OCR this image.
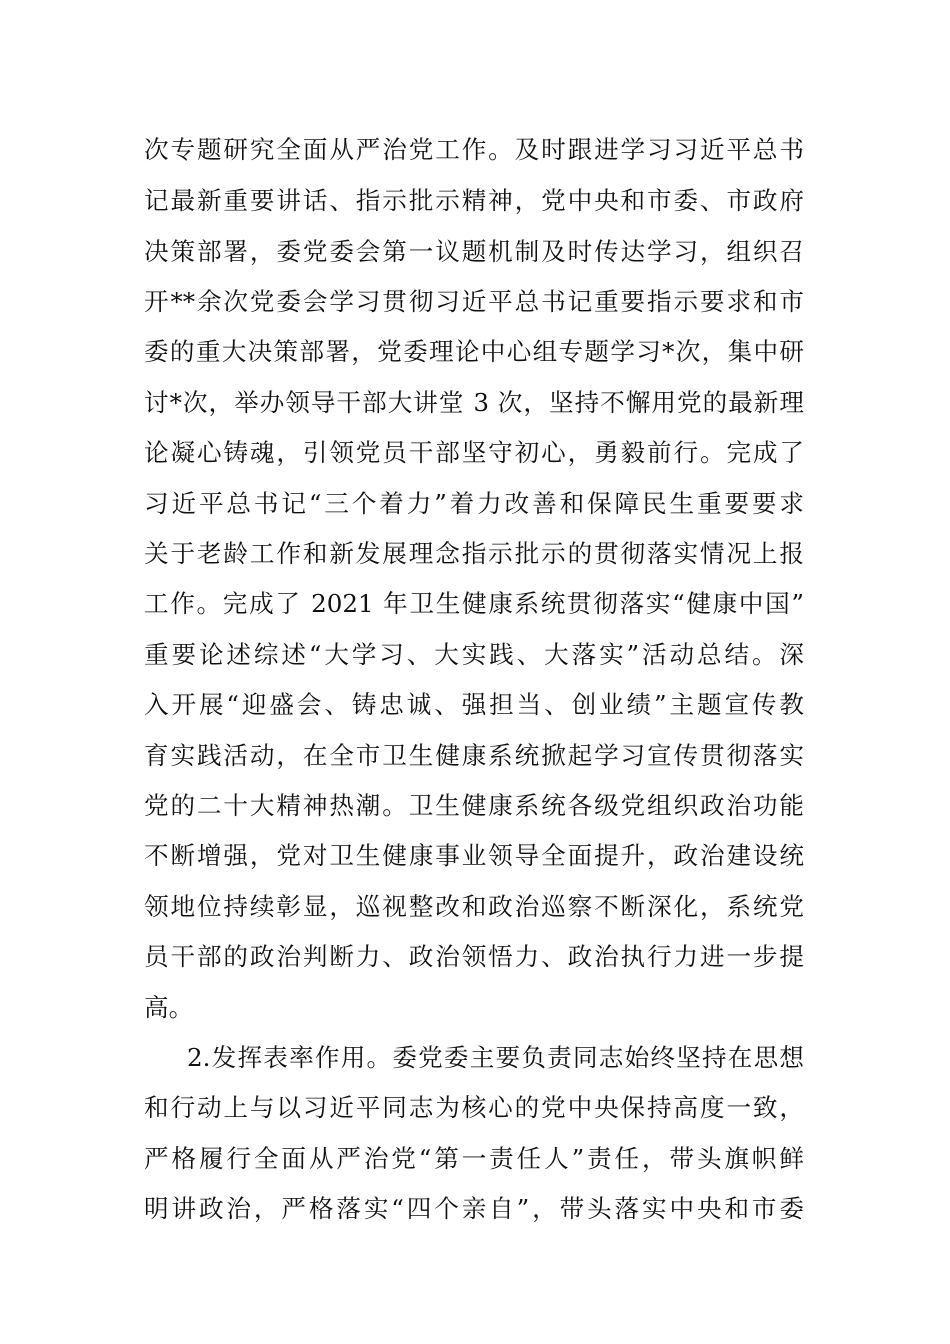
次专题研究全面从严治党工作。及时跟进学习习近平总书
记最新重要讲话、指示批示精神，党中央和市委、市政府
决策部署，委党委会第一议题机制及时传达学习，组织召
开**余次党委会学习贯彻习近平总书记重要指示要求和市
委的重大决策部署，党委理论中心组专题学习*次，集中研
讨*次，举办领导干部大讲堂 3 次，坚持不懈用党的最新理
论凝心铸魂，引领党员干部坚守初心，勇毅前行。完成了
习近平总书记“三个着力”着力改善和保障民生重要要求
关于老龄工作和新发展理念指示批示的贯彻落实情况上报
工作。完成了 2021 年卫生健康系统贯彻落实“健康中国”
重要论述综述“大学习、大实践、大落实”活动总结。深
入开展“迎盛会、铸忠诚、强担当、创业绩”主题宣传教
育实践活动，在全市卫生健康系统掀起学习宣传贯彻落实
党的二十大精神热潮。卫生健康系统各级党组织政治功能
不断增强，党对卫生健康事业领导全面提升，政治建设统
领地位持续彰显，巡视整改和政治巡察不断深化，系统党
员干部的政治判断力、政治领悟力、政治执行力进一步提
高。
2.发挥表率作用。委党委主要负责同志始终坚持在思想
和行动上与以习近平同志为核心的党中央保持高度一致，
严格履行全面从严治党“第一责任人”责任，带头旗帜鲜
明讲政治，严格落实“四个亲自”，带头落实中央和市委
